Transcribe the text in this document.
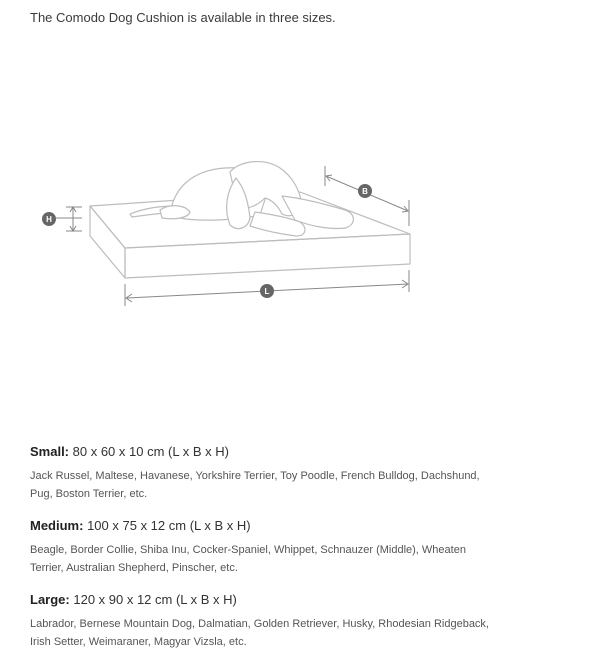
The Comodo Dog Cushion is available in three sizes.

H
B
L

Small: 80 x 60 x 10 cm (L x B x H)

Jack Russel, Maltese, Havanese, Yorkshire Terrier, Toy Poodle, French Bulldog, Dachshund, Pug, Boston Terrier, etc.

Medium: 100 x 75 x 12 cm (L x B x H)

Beagle, Border Collie, Shiba Inu, Cocker-Spaniel, Whippet, Schnauzer (Middle), Wheaten Terrier, Australian Shepherd, Pinscher, etc.

Large: 120 x 90 x 12 cm (L x B x H)

Labrador, Bernese Mountain Dog, Dalmatian, Golden Retriever, Husky, Rhodesian Ridgeback, Irish Setter, Weimaraner, Magyar Vizsla, etc.
